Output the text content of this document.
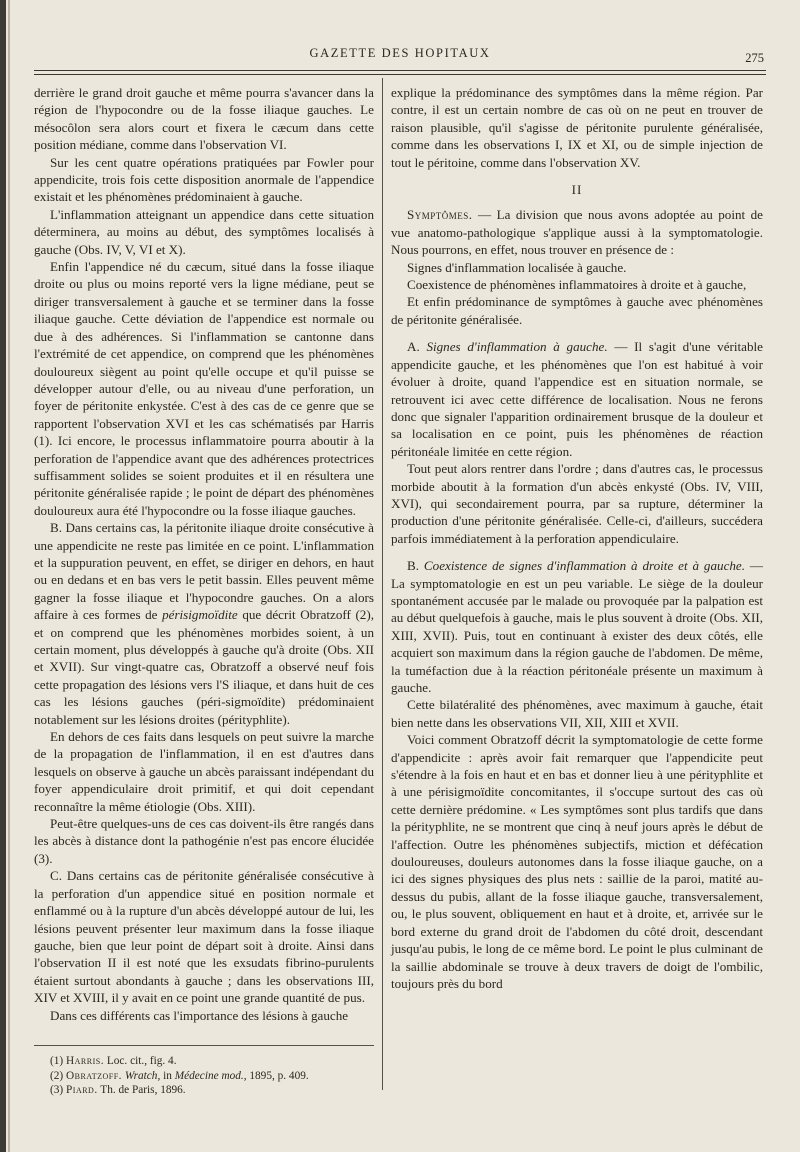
GAZETTE DES HOPITAUX	275

derrière le grand droit gauche et même pourra s'avancer dans la région de l'hypocondre ou de la fosse iliaque gauches. Le mésocôlon sera alors court et fixera le cæcum dans cette position médiane, comme dans l'observation VI.

Sur les cent quatre opérations pratiquées par Fowler pour appendicite, trois fois cette disposition anormale de l'appendice existait et les phénomènes prédominaient à gauche.

L'inflammation atteignant un appendice dans cette situation déterminera, au moins au début, des symptômes localisés à gauche (Obs. IV, V, VI et X).

Enfin l'appendice né du cæcum, situé dans la fosse iliaque droite ou plus ou moins reporté vers la ligne médiane, peut se diriger transversalement à gauche et se terminer dans la fosse iliaque gauche. Cette déviation de l'appendice est normale ou due à des adhérences. Si l'inflammation se cantonne dans l'extrémité de cet appendice, on comprend que les phénomènes douloureux siègent au point qu'elle occupe et qu'il puisse se développer autour d'elle, ou au niveau d'une perforation, un foyer de péritonite enkystée. C'est à des cas de ce genre que se rapportent l'observation XVI et les cas schématisés par Harris (1). Ici encore, le processus inflammatoire pourra aboutir à la perforation de l'appendice avant que des adhérences protectrices suffisamment solides se soient produites et il en résultera une péritonite généralisée rapide ; le point de départ des phénomènes douloureux aura été l'hypocondre ou la fosse iliaque gauches.

B. Dans certains cas, la péritonite iliaque droite consécutive à une appendicite ne reste pas limitée en ce point. L'inflammation et la suppuration peuvent, en effet, se diriger en dehors, en haut ou en dedans et en bas vers le petit bassin. Elles peuvent même gagner la fosse iliaque et l'hypocondre gauches. On a alors affaire à ces formes de périsigmoïdite que décrit Obratzoff (2), et on comprend que les phénomènes morbides soient, à un certain moment, plus développés à gauche qu'à droite (Obs. XII et XVII). Sur vingt-quatre cas, Obratzoff a observé neuf fois cette propagation des lésions vers l'S iliaque, et dans huit de ces cas les lésions gauches (péri-sigmoïdite) prédominaient notablement sur les lésions droites (pérityphlite).

En dehors de ces faits dans lesquels on peut suivre la marche de la propagation de l'inflammation, il en est d'autres dans lesquels on observe à gauche un abcès paraissant indépendant du foyer appendiculaire droit primitif, et qui doit cependant reconnaître la même étiologie (Obs. XIII).

Peut-être quelques-uns de ces cas doivent-ils être rangés dans les abcès à distance dont la pathogénie n'est pas encore élucidée (3).

C. Dans certains cas de péritonite généralisée consécutive à la perforation d'un appendice situé en position normale et enflammé ou à la rupture d'un abcès développé autour de lui, les lésions peuvent présenter leur maximum dans la fosse iliaque gauche, bien que leur point de départ soit à droite. Ainsi dans l'observation II il est noté que les exsudats fibrino-purulents étaient surtout abondants à gauche ; dans les observations III, XIV et XVIII, il y avait en ce point une grande quantité de pus.

Dans ces différents cas l'importance des lésions à gauche

(1) Harris. Loc. cit., fig. 4.
(2) Obratzoff. Wratch, in Médecine mod., 1895, p. 409.
(3) Piard. Th. de Paris, 1896.

explique la prédominance des symptômes dans la même région. Par contre, il est un certain nombre de cas où on ne peut en trouver de raison plausible, qu'il s'agisse de péritonite purulente généralisée, comme dans les observations I, IX et XI, ou de simple injection de tout le péritoine, comme dans l'observation XV.

II

Symptômes. — La division que nous avons adoptée au point de vue anatomo-pathologique s'applique aussi à la symptomatologie. Nous pourrons, en effet, nous trouver en présence de :

Signes d'inflammation localisée à gauche.

Coexistence de phénomènes inflammatoires à droite et à gauche,

Et enfin prédominance de symptômes à gauche avec phénomènes de péritonite généralisée.

A. Signes d'inflammation à gauche. — Il s'agit d'une véritable appendicite gauche, et les phénomènes que l'on est habitué à voir évoluer à droite, quand l'appendice est en situation normale, se retrouvent ici avec cette différence de localisation. Nous ne ferons donc que signaler l'apparition ordinairement brusque de la douleur et sa localisation en ce point, puis les phénomènes de réaction péritonéale limitée en cette région.

Tout peut alors rentrer dans l'ordre ; dans d'autres cas, le processus morbide aboutit à la formation d'un abcès enkysté (Obs. IV, VIII, XVI), qui secondairement pourra, par sa rupture, déterminer la production d'une péritonite généralisée. Celle-ci, d'ailleurs, succédera parfois immédiatement à la perforation appendiculaire.

B. Coexistence de signes d'inflammation à droite et à gauche. — La symptomatologie en est un peu variable. Le siège de la douleur spontanément accusée par le malade ou provoquée par la palpation est au début quelquefois à gauche, mais le plus souvent à droite (Obs. XII, XIII, XVII). Puis, tout en continuant à exister des deux côtés, elle acquiert son maximum dans la région gauche de l'abdomen. De même, la tuméfaction due à la réaction péritonéale présente un maximum à gauche.

Cette bilatéralité des phénomènes, avec maximum à gauche, était bien nette dans les observations VII, XII, XIII et XVII.

Voici comment Obratzoff décrit la symptomatologie de cette forme d'appendicite : après avoir fait remarquer que l'appendicite peut s'étendre à la fois en haut et en bas et donner lieu à une pérityphlite et à une périsigmoïdite concomitantes, il s'occupe surtout des cas où cette dernière prédomine. « Les symptômes sont plus tardifs que dans la pérityphlite, ne se montrent que cinq à neuf jours après le début de l'affection. Outre les phénomènes subjectifs, miction et défécation douloureuses, douleurs autonomes dans la fosse iliaque gauche, on a ici des signes physiques des plus nets : saillie de la paroi, matité au-dessus du pubis, allant de la fosse iliaque gauche, transversalement, ou, le plus souvent, obliquement en haut et à droite, et, arrivée sur le bord externe du grand droit de l'abdomen du côté droit, descendant jusqu'au pubis, le long de ce même bord. Le point le plus culminant de la saillie abdominale se trouve à deux travers de doigt de l'ombilic, toujours près du bord
